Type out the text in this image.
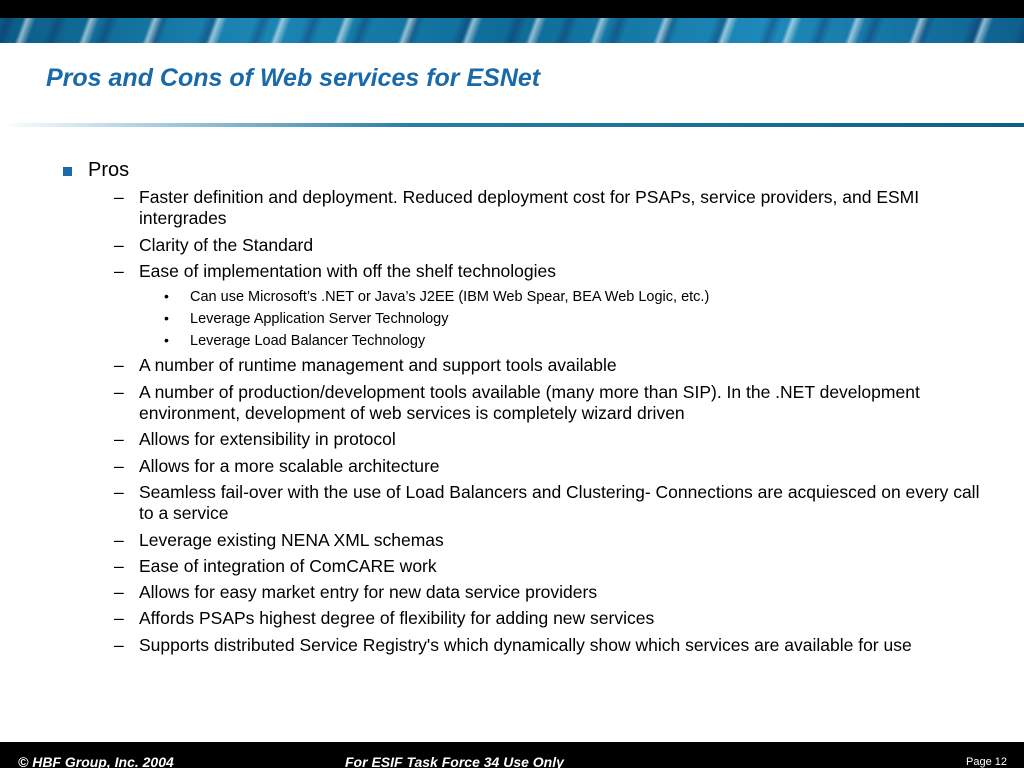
Pros and Cons of Web services for ESNet
Pros
– Faster definition and deployment. Reduced deployment cost for PSAPs, service providers, and ESMI intergrades
– Clarity of the Standard
– Ease of implementation with off the shelf technologies
• Can use Microsoft’s .NET or Java’s J2EE (IBM Web Spear, BEA Web Logic, etc.)
• Leverage Application Server Technology
• Leverage Load Balancer Technology
– A number of runtime management and support tools available
– A number of production/development tools available (many more than SIP). In the .NET development environment, development of web services is completely wizard driven
– Allows for extensibility in protocol
– Allows for a more scalable architecture
– Seamless fail-over with the use of Load Balancers and Clustering- Connections are acquiesced on every call to a service
– Leverage existing NENA XML schemas
– Ease of integration of ComCARE work
– Allows for easy market entry for new data service providers
– Affords PSAPs highest degree of flexibility for adding new services
– Supports distributed Service Registry's which dynamically show which services are available for use
© HBF Group, Inc. 2004	For ESIF Task Force 34 Use Only	Page 12
